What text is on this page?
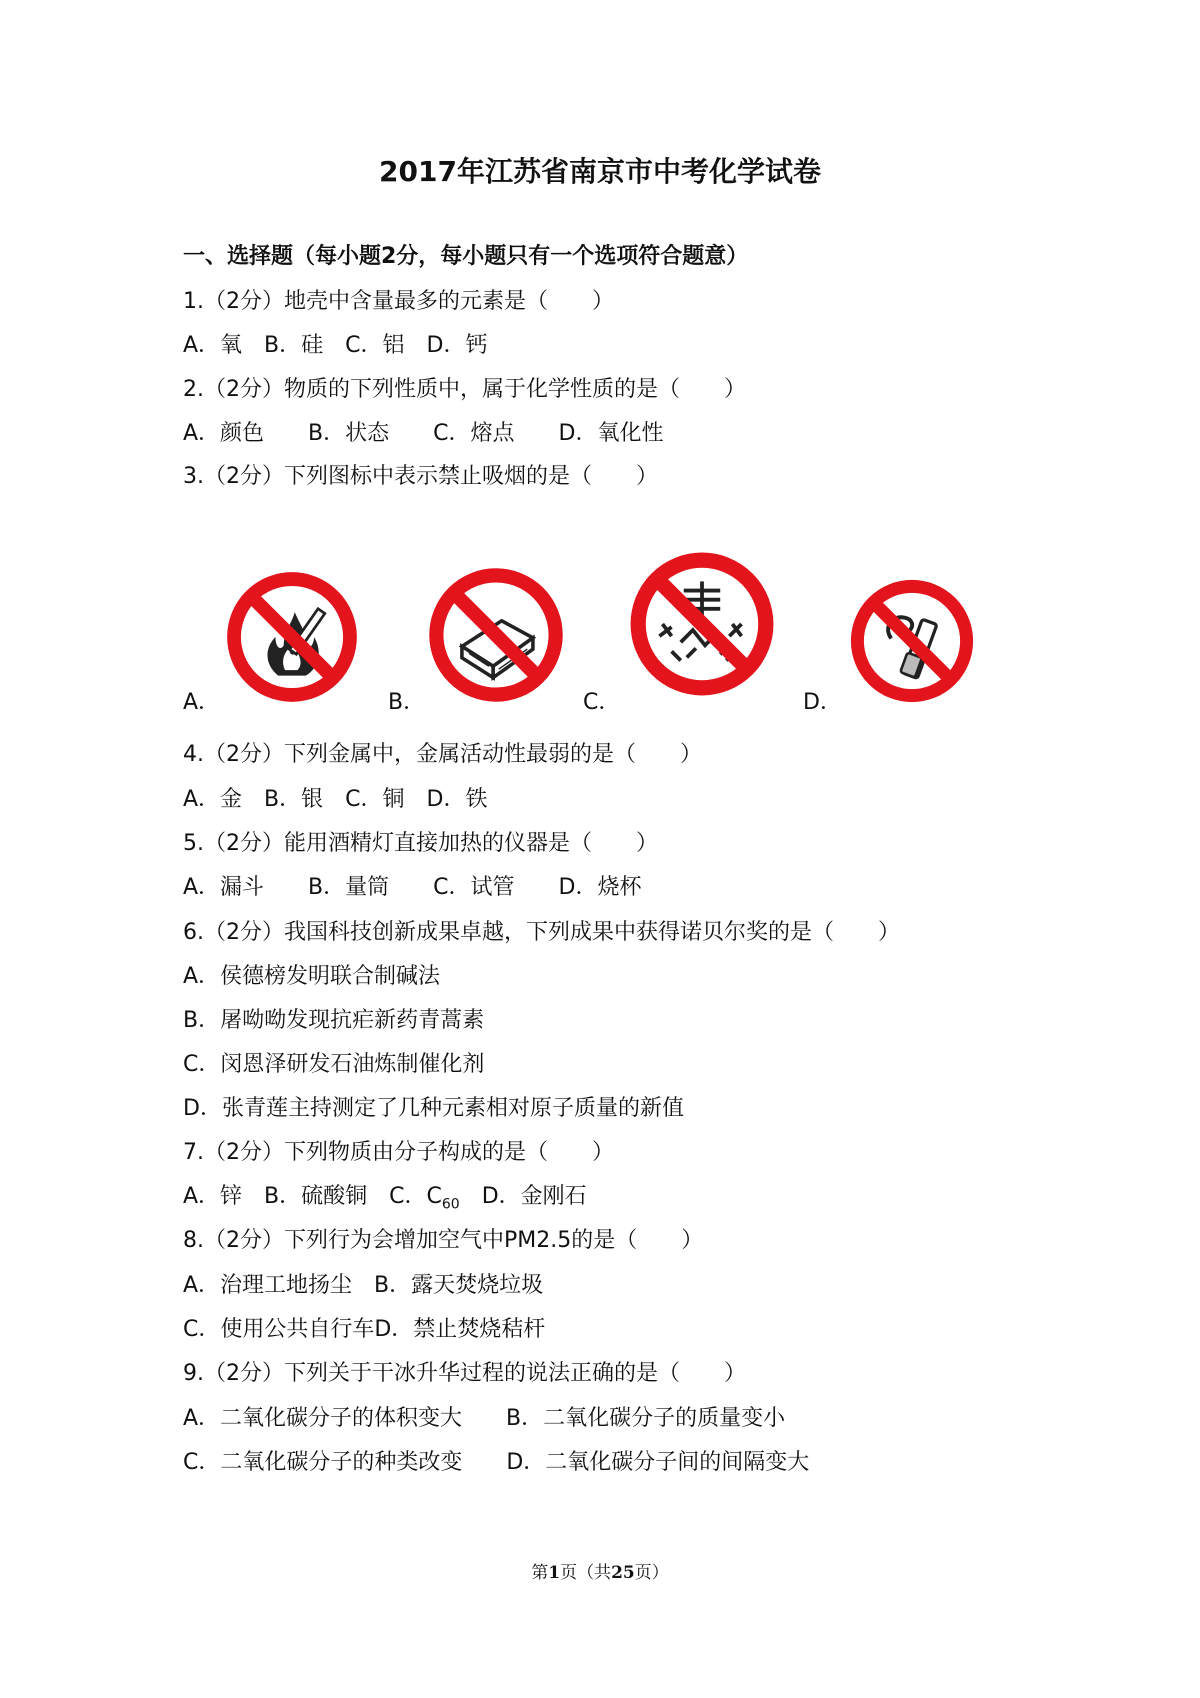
2017年江苏省南京市中考化学试卷
一、选择题（每小题2分，每小题只有一个选项符合题意）
1.（2分）地壳中含量最多的元素是（　　）
A．氧　B．硅　C．铝　D．钙
2.（2分）物质的下列性质中，属于化学性质的是（　　）
A．颜色　　B．状态　　C．熔点　　D．氧化性
3.（2分）下列图标中表示禁止吸烟的是（　　）
A．	B．	C．	D．
4.（2分）下列金属中，金属活动性最弱的是（　　）
A．金　B．银　C．铜　D．铁
5.（2分）能用酒精灯直接加热的仪器是（　　）
A．漏斗　　B．量筒　　C．试管　　D．烧杯
6.（2分）我国科技创新成果卓越，下列成果中获得诺贝尔奖的是（　　）
A．侯德榜发明联合制碱法
B．屠呦呦发现抗疟新药青蒿素
C．闵恩泽研发石油炼制催化剂
D．张青莲主持测定了几种元素相对原子质量的新值
7.（2分）下列物质由分子构成的是（　　）
A．锌　B．硫酸铜　C．$C_{60}$　D．金刚石
8.（2分）下列行为会增加空气中PM2.5的是（　　）
A．治理工地扬尘　B．露天焚烧垃圾
C．使用公共自行车D．禁止焚烧秸杆
9.（2分）下列关于干冰升华过程的说法正确的是（　　）
A．二氧化碳分子的体积变大　　B．二氧化碳分子的质量变小
C．二氧化碳分子的种类改变　　D．二氧化碳分子间的间隔变大
第1页（共25页）
